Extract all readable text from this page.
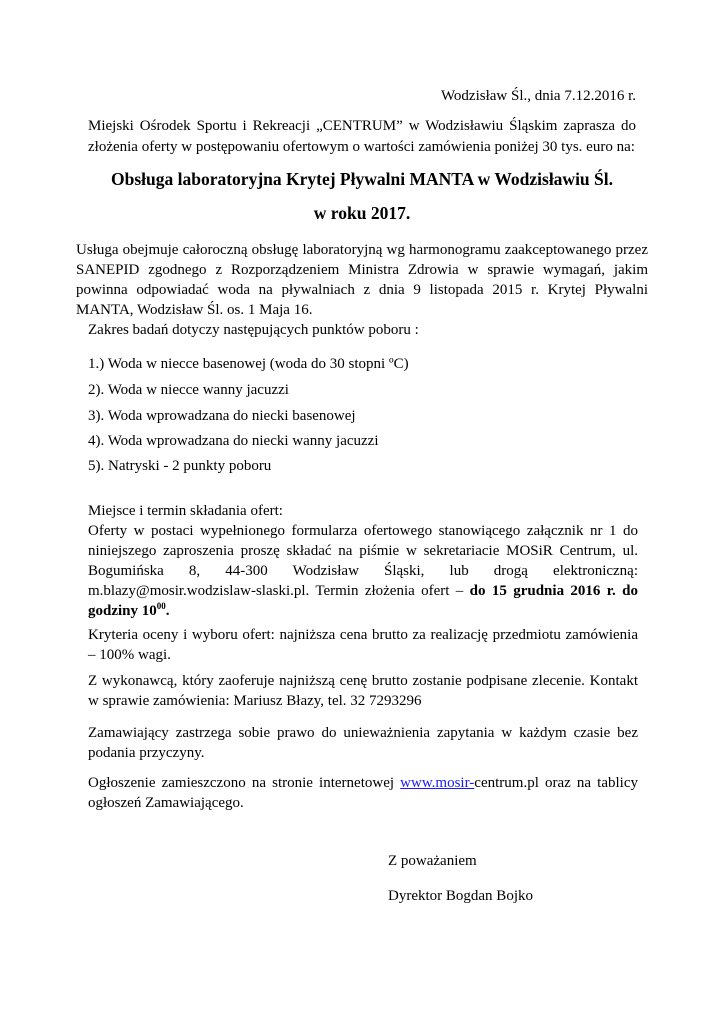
Wodzisław Śl., dnia 7.12.2016 r.
Miejski Ośrodek Sportu i Rekreacji „CENTRUM” w Wodzisławiu Śląskim zaprasza do złożenia oferty w postępowaniu ofertowym o wartości zamówienia poniżej 30 tys. euro na:
Obsługa laboratoryjna Krytej Pływalni MANTA w Wodzisławiu Śl.
w roku 2017.
Usługa obejmuje całoroczną obsługę laboratoryjną wg harmonogramu zaakceptowanego przez SANEPID zgodnego z Rozporządzeniem Ministra Zdrowia w sprawie wymagań, jakim powinna odpowiadać woda na pływalniach z dnia 9 listopada 2015 r. Krytej Pływalni MANTA, Wodzisław Śl. os. 1 Maja 16.
Zakres badań dotyczy następujących punktów poboru :
1.) Woda w niecce basenowej (woda do 30 stopni ºC)
2). Woda w niecce wanny jacuzzi
3). Woda wprowadzana do niecki basenowej
4). Woda wprowadzana do niecki wanny jacuzzi
5). Natryski - 2 punkty poboru
Miejsce i termin składania ofert:
Oferty w postaci wypełnionego formularza ofertowego stanowiącego załącznik nr 1 do niniejszego zaproszenia proszę składać na piśmie w sekretariacie MOSiR Centrum, ul. Bogumińska 8, 44-300 Wodzisław Śląski, lub drogą elektroniczną:
m.blazy@mosir.wodzislaw-slaski.pl. Termin złożenia ofert – do 15 grudnia 2016 r. do
godziny $10^{00}$.
Kryteria oceny i wyboru ofert: najniższa cena brutto za realizację przedmiotu zamówienia – 100% wagi.
Z wykonawcą, który zaoferuje najniższą cenę brutto zostanie podpisane zlecenie. Kontakt w sprawie zamówienia: Mariusz Błazy, tel. 32 7293296
Zamawiający zastrzega sobie prawo do unieważnienia zapytania w każdym czasie bez podania przyczyny.
Ogłoszenie zamieszczono na stronie internetowej www.mosir-centrum.pl oraz na tablicy ogłoszeń Zamawiającego.
Z poważaniem
Dyrektor Bogdan Bojko
